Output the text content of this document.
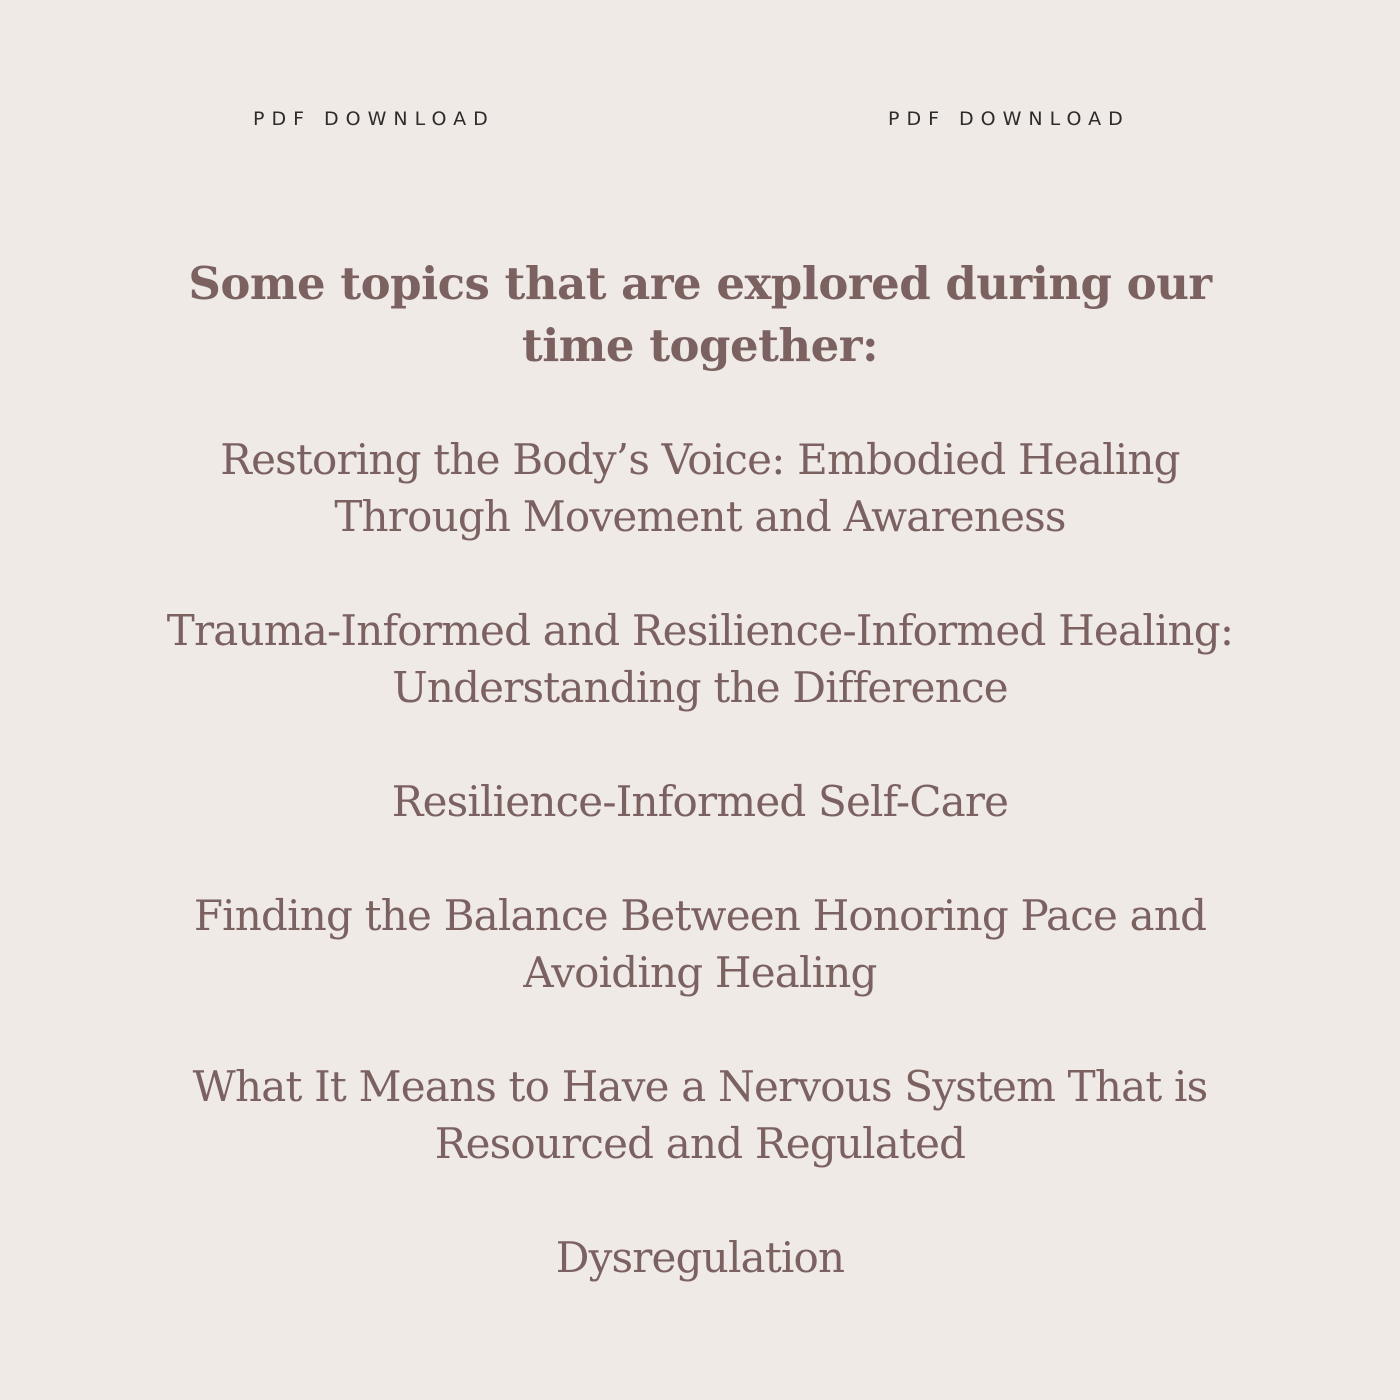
PDF DOWNLOAD	PDF DOWNLOAD
Some topics that are explored during our time together:
Restoring the Body’s Voice: Embodied Healing Through Movement and Awareness
Trauma-Informed and Resilience-Informed Healing: Understanding the Difference
Resilience-Informed Self-Care
Finding the Balance Between Honoring Pace and Avoiding Healing
What It Means to Have a Nervous System That is Resourced and Regulated
Dysregulation
